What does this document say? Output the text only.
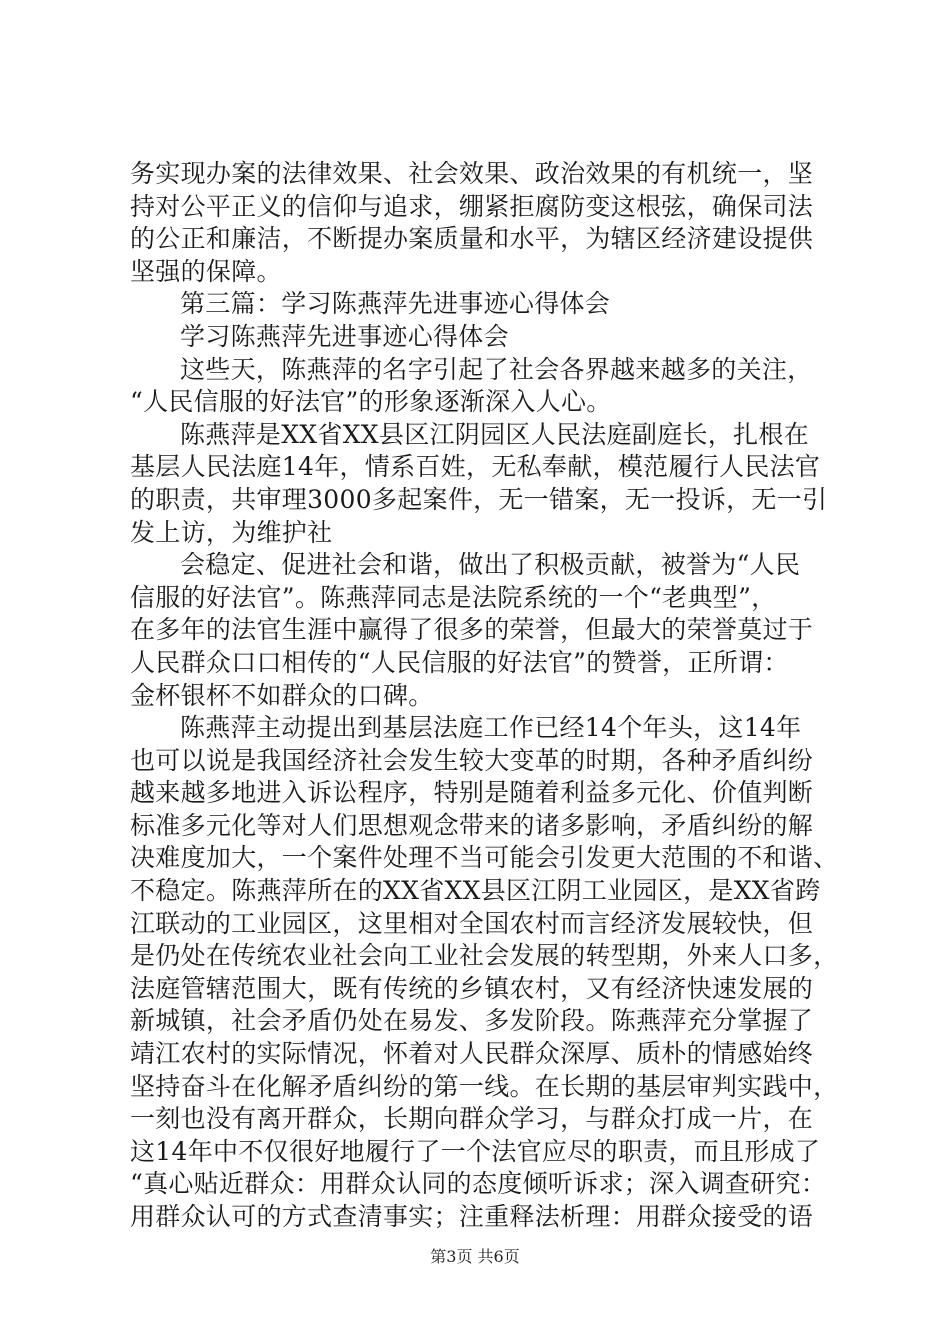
务实现办案的法律效果、社会效果、政治效果的有机统一，坚
持对公平正义的信仰与追求，绷紧拒腐防变这根弦，确保司法
的公正和廉洁，不断提办案质量和水平，为辖区经济建设提供
坚强的保障。
第三篇：学习陈燕萍先进事迹心得体会
学习陈燕萍先进事迹心得体会
这些天，陈燕萍的名字引起了社会各界越来越多的关注，
“人民信服的好法官”的形象逐渐深入人心。
陈燕萍是XX省XX县区江阴园区人民法庭副庭长，扎根在
基层人民法庭14年，情系百姓，无私奉献，模范履行人民法官
的职责，共审理3000多起案件，无一错案，无一投诉，无一引
发上访，为维护社
会稳定、促进社会和谐，做出了积极贡献，被誉为“人民
信服的好法官”。陈燕萍同志是法院系统的一个“老典型”，
在多年的法官生涯中赢得了很多的荣誉，但最大的荣誉莫过于
人民群众口口相传的“人民信服的好法官”的赞誉，正所谓：
金杯银杯不如群众的口碑。
陈燕萍主动提出到基层法庭工作已经14个年头，这14年
也可以说是我国经济社会发生较大变革的时期，各种矛盾纠纷
越来越多地进入诉讼程序，特别是随着利益多元化、价值判断
标准多元化等对人们思想观念带来的诸多影响，矛盾纠纷的解
决难度加大，一个案件处理不当可能会引发更大范围的不和谐、
不稳定。陈燕萍所在的XX省XX县区江阴工业园区，是XX省跨
江联动的工业园区，这里相对全国农村而言经济发展较快，但
是仍处在传统农业社会向工业社会发展的转型期，外来人口多，
法庭管辖范围大，既有传统的乡镇农村，又有经济快速发展的
新城镇，社会矛盾仍处在易发、多发阶段。陈燕萍充分掌握了
靖江农村的实际情况，怀着对人民群众深厚、质朴的情感始终
坚持奋斗在化解矛盾纠纷的第一线。在长期的基层审判实践中，
一刻也没有离开群众，长期向群众学习，与群众打成一片，在
这14年中不仅很好地履行了一个法官应尽的职责，而且形成了
“真心贴近群众：用群众认同的态度倾听诉求；深入调查研究：
用群众认可的方式查清事实；注重释法析理：用群众接受的语
第3页 共6页
